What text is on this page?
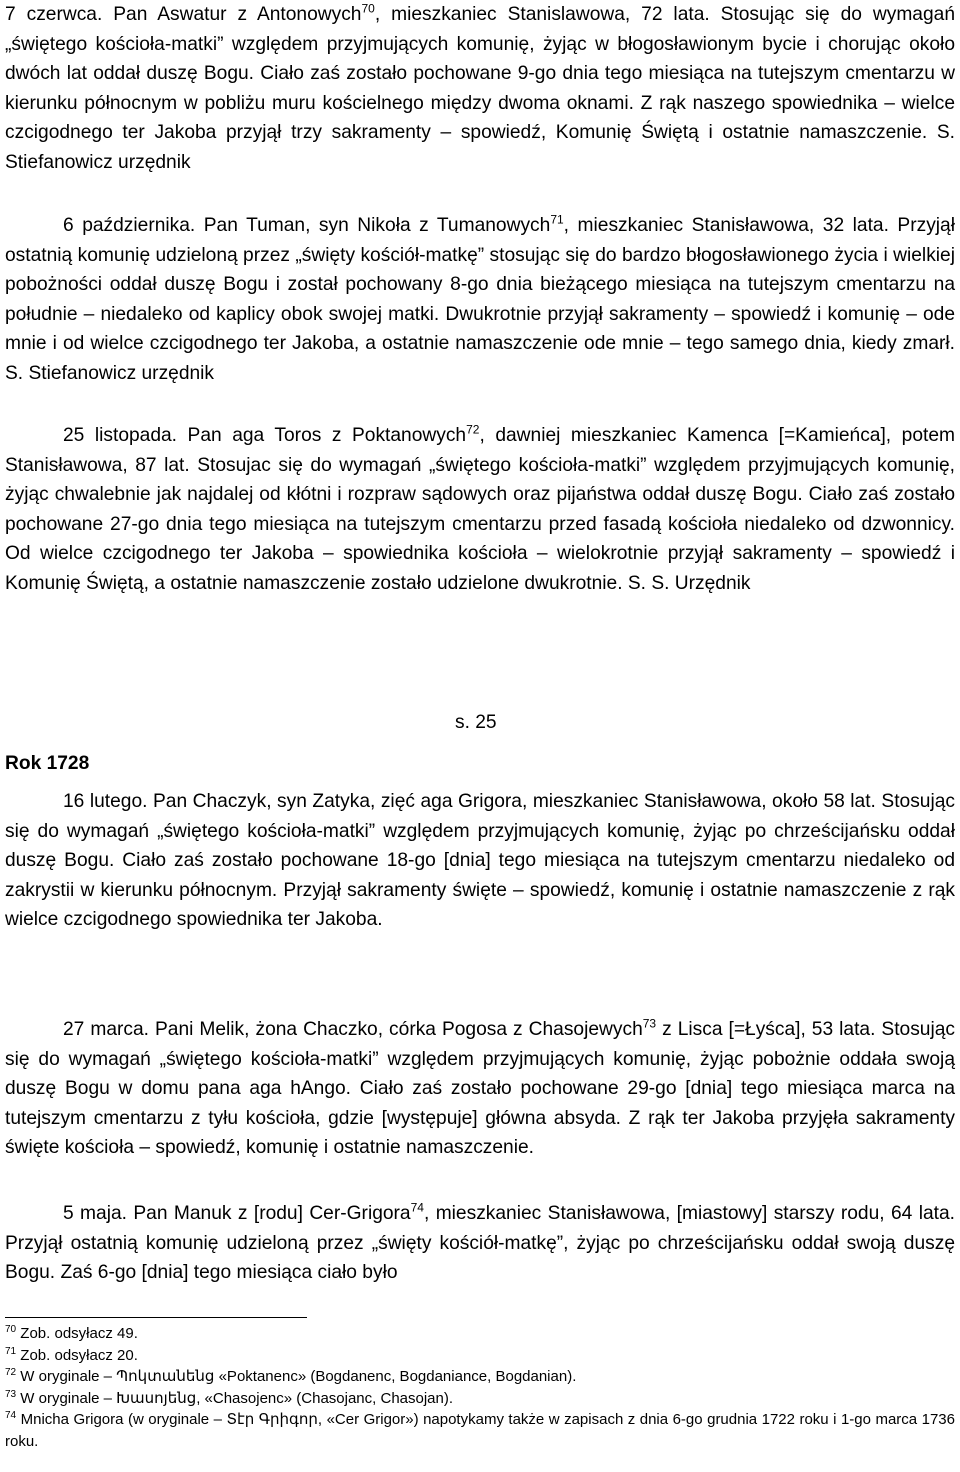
7 czerwca. Pan Aswatur z Antonowych$^{70}$, mieszkaniec Stanislawowa, 72 lata. Stosując się do wymagań „świętego kościoła-matki” względem przyjmujących komunię, żyjąc w błogosławionym bycie i chorując około dwóch lat oddał duszę Bogu. Ciało zaś zostało pochowane 9-go dnia tego miesiąca na tutejszym cmentarzu w kierunku północnym w pobliżu muru kościelnego między dwoma oknami. Z rąk naszego spowiednika – wielce czcigodnego ter Jakoba przyjął trzy sakramenty – spowiedź, Komunię Świętą i ostatnie namaszczenie. S. Stiefanowicz urzędnik

6 października. Pan Tuman, syn Nikoła z Tumanowych$^{71}$, mieszkaniec Stanisławowa, 32 lata. Przyjął ostatnią komunię udzieloną przez „święty kościół-matkę” stosując się do bardzo błogosławionego życia i wielkiej pobożności oddał duszę Bogu i został pochowany 8-go dnia bieżącego miesiąca na tutejszym cmentarzu na południe – niedaleko od kaplicy obok swojej matki. Dwukrotnie przyjął sakramenty – spowiedź i komunię – ode mnie i od wielce czcigodnego ter Jakoba, a ostatnie namaszczenie ode mnie – tego samego dnia, kiedy zmarł. S. Stiefanowicz urzędnik

25 listopada. Pan aga Toros z Poktanowych$^{72}$, dawniej mieszkaniec Kamenca [=Kamieńca], potem Stanisławowa, 87 lat. Stosujac się do wymagań „świętego kościoła-matki” względem przyjmujących komunię, żyjąc chwalebnie jak najdalej od kłótni i rozpraw sądowych oraz pijaństwa oddał duszę Bogu. Ciało zaś zostało pochowane 27-go dnia tego miesiąca na tutejszym cmentarzu przed fasadą kościoła niedaleko od dzwonnicy. Od wielce czcigodnego ter Jakoba – spowiednika kościoła – wielokrotnie przyjął sakramenty – spowiedź i Komunię Świętą, a ostatnie namaszczenie zostało udzielone dwukrotnie. S. S. Urzędnik

s. 25

Rok 1728

16 lutego. Pan Chaczyk, syn Zatyka, zięć aga Grigora, mieszkaniec Stanisławowa, około 58 lat. Stosując się do wymagań „świętego kościoła-matki” względem przyjmujących komunię, żyjąc po chrześcijańsku oddał duszę Bogu. Ciało zaś zostało pochowane 18-go [dnia] tego miesiąca na tutejszym cmentarzu niedaleko od zakrystii w kierunku północnym. Przyjął sakramenty święte – spowiedź, komunię i ostatnie namaszczenie z rąk wielce czcigodnego spowiednika ter Jakoba.

27 marca. Pani Melik, żona Chaczko, córka Pogosa z Chasojewych$^{73}$ z Lisca [=Łyśca], 53 lata. Stosując się do wymagań „świętego kościoła-matki” względem przyjmujących komunię, żyjąc pobożnie oddała swoją duszę Bogu w domu pana aga hAngo. Ciało zaś zostało pochowane 29-go [dnia] tego miesiąca marca na tutejszym cmentarzu z tyłu kościoła, gdzie [występuje] główna absyda. Z rąk ter Jakoba przyjęła sakramenty święte kościoła – spowiedź, komunię i ostatnie namaszczenie.

5 maja. Pan Manuk z [rodu] Cer-Grigora$^{74}$, mieszkaniec Stanisławowa, [miastowy] starszy rodu, 64 lata. Przyjął ostatnią komunię udzieloną przez „święty kościół-matkę”, żyjąc po chrześcijańsku oddał swoją duszę Bogu. Zaś 6-go [dnia] tego miesiąca ciało było

$^{70}$ Zob. odsyłacz 49.

$^{71}$ Zob. odsyłacz 20.

$^{72}$ W oryginale – Պոկտանենց «Poktanenc» (Bogdanenc, Bogdaniance, Bogdanian).

$^{73}$ W oryginale – Խասոյենց, «Chasojenc» (Chasojanc, Chasojan).

$^{74}$ Mnicha Grigora (w oryginale – Տէր Գրիգոր, «Cer Grigor») napotykamy także w zapisach z dnia 6-go grudnia 1722 roku i 1-go marca 1736 roku.
